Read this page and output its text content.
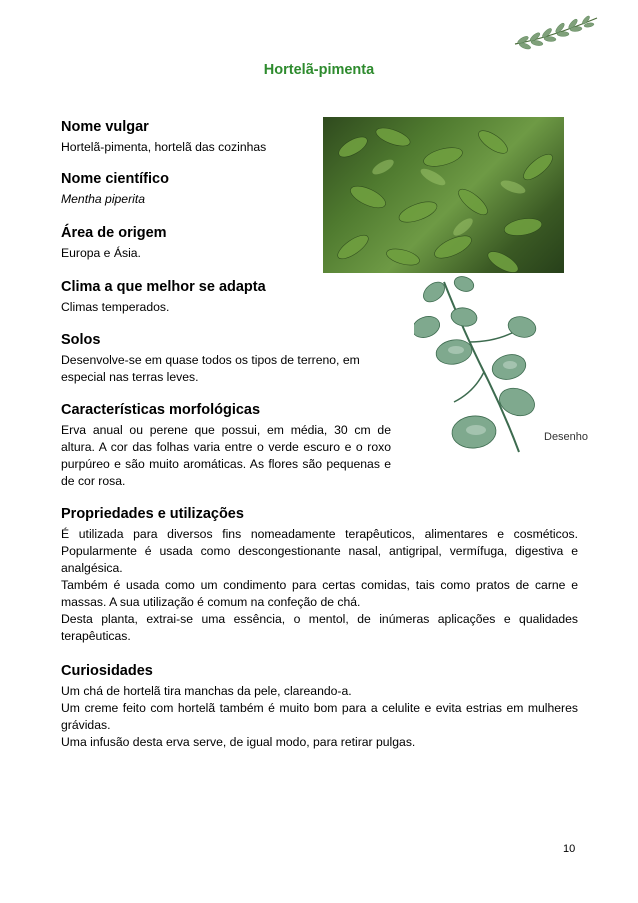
Hortelã-pimenta
Nome vulgar

Hortelã-pimenta, hortelã das cozinhas

Nome científico

Mentha piperita

Área de origem

Europa e Ásia.

Clima a que melhor se adapta

Climas temperados.

Solos

Desenvolve-se em quase todos os tipos de terreno, em especial nas terras leves.

Características morfológicas

Erva anual ou perene que possui, em média, 30 cm de altura. A cor das folhas varia entre o verde escuro e o roxo purpúreo e são muito aromáticas. As flores são pequenas e de cor rosa.

Desenho
Propriedades e utilizações

É utilizada para diversos fins nomeadamente terapêuticos, alimentares e cosméticos. Popularmente é usada como descongestionante nasal, antigripal, vermífuga, digestiva e analgésica.

Também é usada como um condimento para certas comidas, tais como pratos de carne e massas. A sua utilização é comum na confeção de chá.

Desta planta, extrai-se uma essência, o mentol, de inúmeras aplicações e qualidades terapêuticas.

Curiosidades

Um chá de hortelã tira manchas da pele, clareando-a.

Um creme feito com hortelã também é muito bom para a celulite e evita estrias em mulheres grávidas.

Uma infusão desta erva serve, de igual modo, para retirar pulgas.

10
